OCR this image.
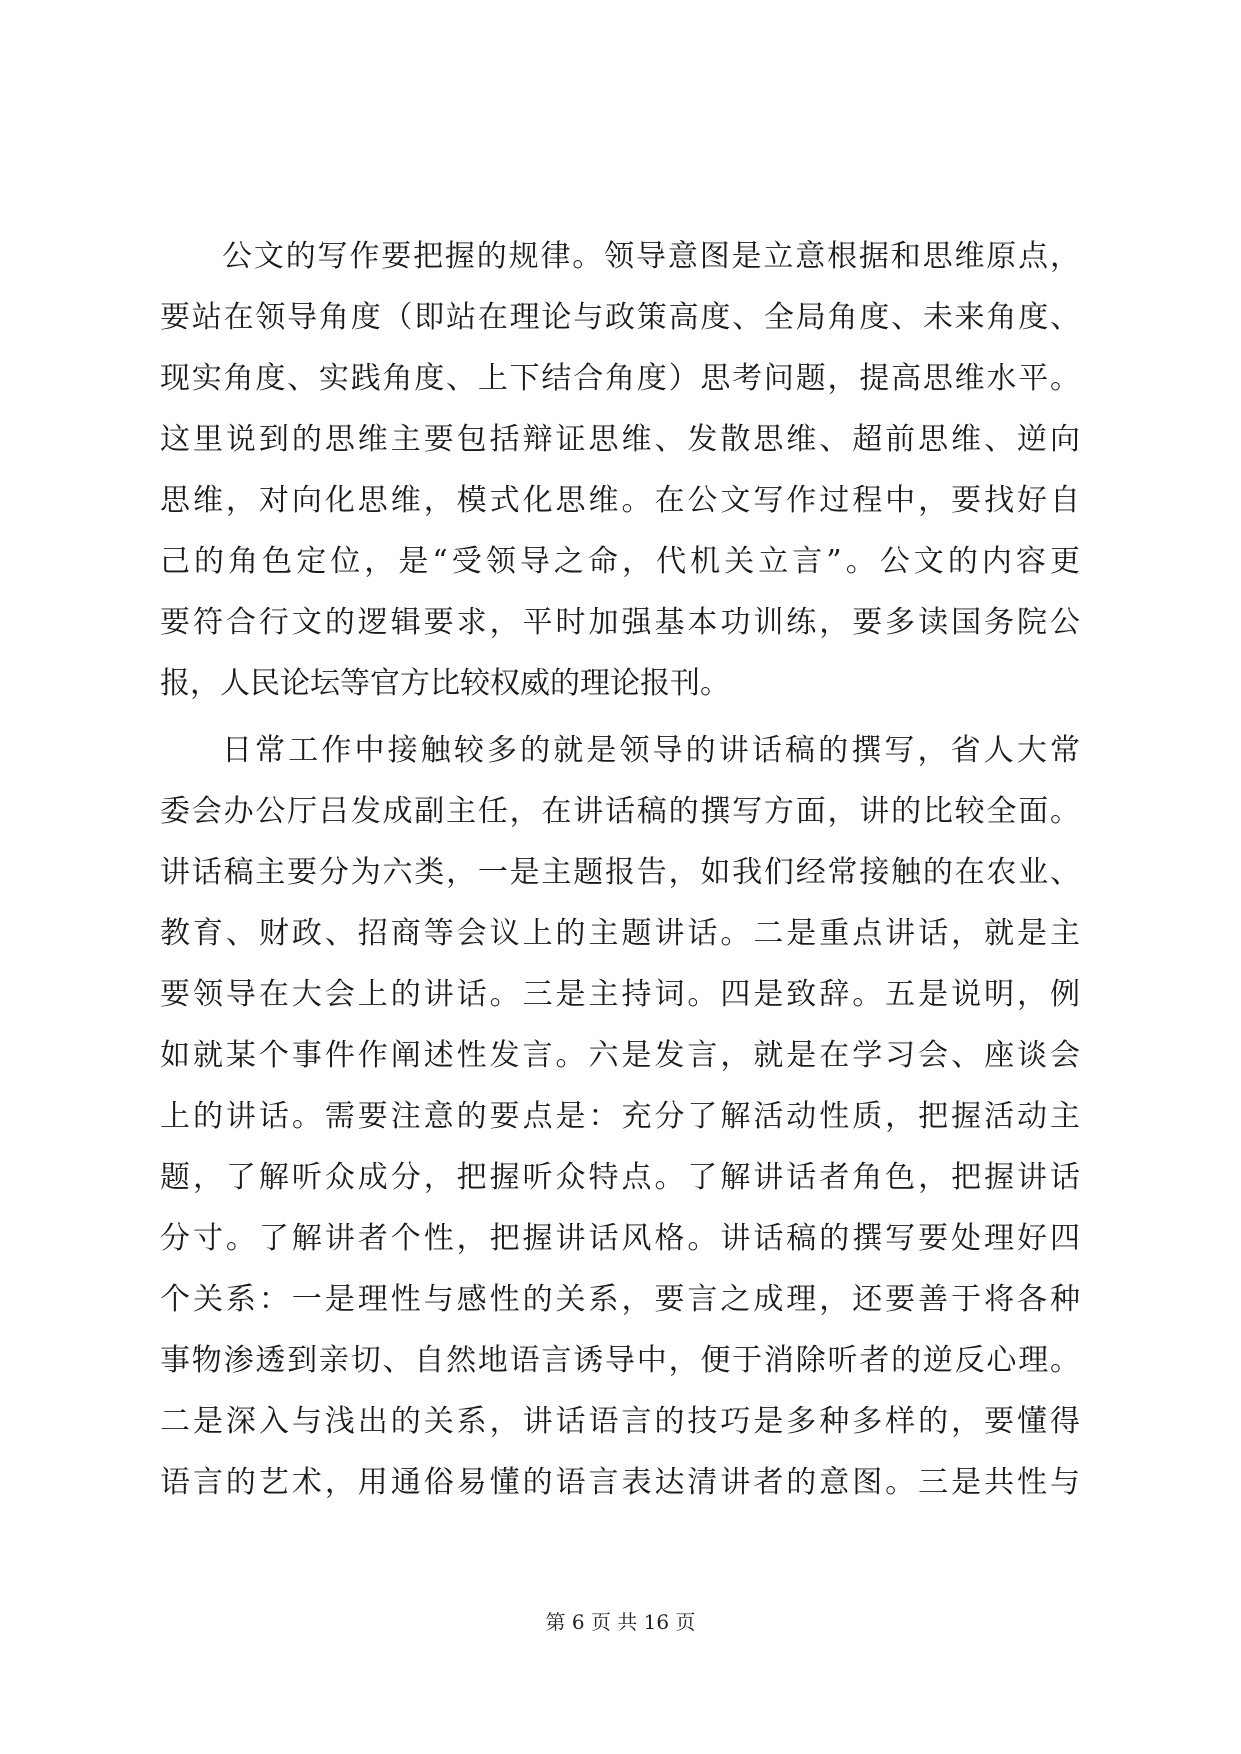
公文的写作要把握的规律。领导意图是立意根据和思维原点，
要站在领导角度（即站在理论与政策高度、全局角度、未来角度、
现实角度、实践角度、上下结合角度）思考问题，提高思维水平。
这里说到的思维主要包括辩证思维、发散思维、超前思维、逆向
思维，对向化思维，模式化思维。在公文写作过程中，要找好自
己的角色定位，是“受领导之命，代机关立言”。公文的内容更
要符合行文的逻辑要求，平时加强基本功训练，要多读国务院公
报，人民论坛等官方比较权威的理论报刊。
日常工作中接触较多的就是领导的讲话稿的撰写，省人大常
委会办公厅吕发成副主任，在讲话稿的撰写方面，讲的比较全面。
讲话稿主要分为六类，一是主题报告，如我们经常接触的在农业、
教育、财政、招商等会议上的主题讲话。二是重点讲话，就是主
要领导在大会上的讲话。三是主持词。四是致辞。五是说明，例
如就某个事件作阐述性发言。六是发言，就是在学习会、座谈会
上的讲话。需要注意的要点是：充分了解活动性质，把握活动主
题，了解听众成分，把握听众特点。了解讲话者角色，把握讲话
分寸。了解讲者个性，把握讲话风格。讲话稿的撰写要处理好四
个关系：一是理性与感性的关系，要言之成理，还要善于将各种
事物渗透到亲切、自然地语言诱导中，便于消除听者的逆反心理。
二是深入与浅出的关系，讲话语言的技巧是多种多样的，要懂得
语言的艺术，用通俗易懂的语言表达清讲者的意图。三是共性与
第 6 页 共 16 页
